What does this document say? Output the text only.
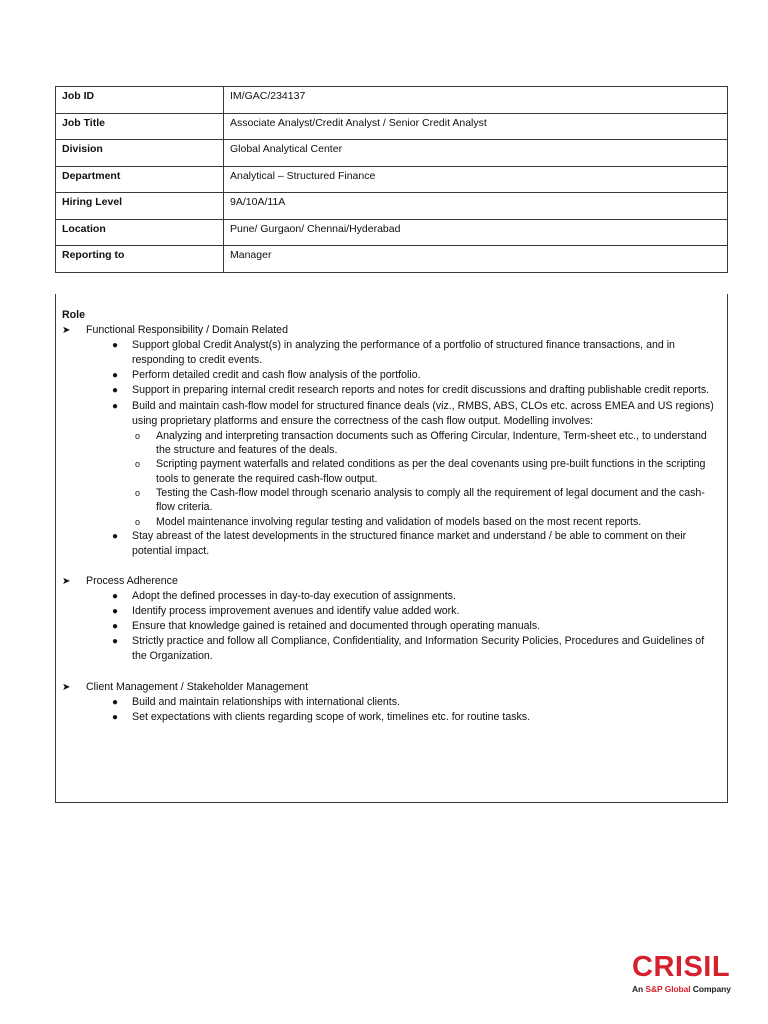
Job ID	IM/GAC/234137
Job Title	Associate Analyst/Credit Analyst / Senior Credit Analyst
Division	Global Analytical Center
Department	Analytical – Structured Finance
Hiring Level	9A/10A/11A
Location	Pune/ Gurgaon/ Chennai/Hyderabad
Reporting to	Manager
Role
➤ Functional Responsibility / Domain Related
● Support global Credit Analyst(s) in analyzing the performance of a portfolio of structured finance transactions, and in responding to credit events.
● Perform detailed credit and cash flow analysis of the portfolio.
● Support in preparing internal credit research reports and notes for credit discussions and drafting publishable credit reports.
● Build and maintain cash-flow model for structured finance deals (viz., RMBS, ABS, CLOs etc. across EMEA and US regions) using proprietary platforms and ensure the correctness of the cash flow output. Modelling involves:
o Analyzing and interpreting transaction documents such as Offering Circular, Indenture, Term-sheet etc., to understand the structure and features of the deals.
o Scripting payment waterfalls and related conditions as per the deal covenants using pre-built functions in the scripting tools to generate the required cash-flow output.
o Testing the Cash-flow model through scenario analysis to comply all the requirement of legal document and the cash-flow criteria.
o Model maintenance involving regular testing and validation of models based on the most recent reports.
● Stay abreast of the latest developments in the structured finance market and understand / be able to comment on their potential impact.
➤ Process Adherence
● Adopt the defined processes in day-to-day execution of assignments.
● Identify process improvement avenues and identify value added work.
● Ensure that knowledge gained is retained and documented through operating manuals.
● Strictly practice and follow all Compliance, Confidentiality, and Information Security Policies, Procedures and Guidelines of the Organization.
➤ Client Management / Stakeholder Management
● Build and maintain relationships with international clients.
● Set expectations with clients regarding scope of work, timelines etc. for routine tasks.
CRISIL
An S&P Global Company
